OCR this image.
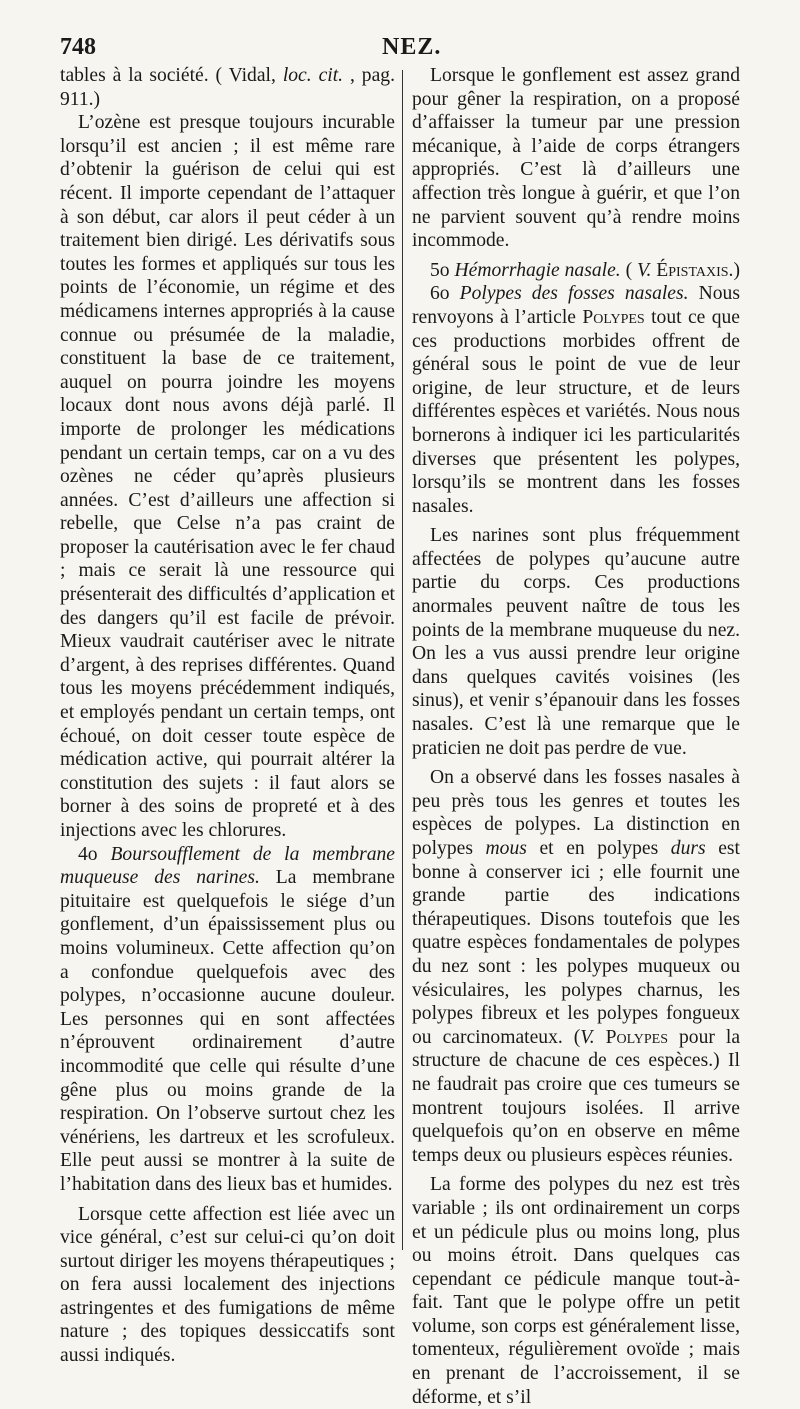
748	NEZ.

tables à la société. ( Vidal, loc. cit. , pag. 911.)

L’ozène est presque toujours incurable lorsqu’il est ancien ; il est même rare d’obtenir la guérison de celui qui est récent. Il importe cependant de l’attaquer à son début, car alors il peut céder à un traitement bien dirigé. Les dérivatifs sous toutes les formes et appliqués sur tous les points de l’économie, un régime et des médicamens internes appropriés à la cause connue ou présumée de la maladie, constituent la base de ce traitement, auquel on pourra joindre les moyens locaux dont nous avons déjà parlé. Il importe de prolonger les médications pendant un certain temps, car on a vu des ozènes ne céder qu’après plusieurs années. C’est d’ailleurs une affection si rebelle, que Celse n’a pas craint de proposer la cautérisation avec le fer chaud ; mais ce serait là une ressource qui présenterait des difficultés d’application et des dangers qu’il est facile de prévoir. Mieux vaudrait cautériser avec le nitrate d’argent, à des reprises différentes. Quand tous les moyens précédemment indiqués, et employés pendant un certain temps, ont échoué, on doit cesser toute espèce de médication active, qui pourrait altérer la constitution des sujets : il faut alors se borner à des soins de propreté et à des injections avec les chlorures.

4o Boursoufflement de la membrane muqueuse des narines. La membrane pituitaire est quelquefois le siége d’un gonflement, d’un épaississement plus ou moins volumineux. Cette affection qu’on a confondue quelquefois avec des polypes, n’occasionne aucune douleur. Les personnes qui en sont affectées n’éprouvent ordinairement d’autre incommodité que celle qui résulte d’une gêne plus ou moins grande de la respiration. On l’observe surtout chez les vénériens, les dartreux et les scrofuleux. Elle peut aussi se montrer à la suite de l’habitation dans des lieux bas et humides.

Lorsque cette affection est liée avec un vice général, c’est sur celui-ci qu’on doit surtout diriger les moyens thérapeutiques ; on fera aussi localement des injections astringentes et des fumigations de même nature ; des topiques dessiccatifs sont aussi indiqués.

Lorsque le gonflement est assez grand pour gêner la respiration, on a proposé d’affaisser la tumeur par une pression mécanique, à l’aide de corps étrangers appropriés. C’est là d’ailleurs une affection très longue à guérir, et que l’on ne parvient souvent qu’à rendre moins incommode.

5o Hémorrhagie nasale. ( V. Épistaxis.)

6o Polypes des fosses nasales. Nous renvoyons à l’article Polypes tout ce que ces productions morbides offrent de général sous le point de vue de leur origine, de leur structure, et de leurs différentes espèces et variétés. Nous nous bornerons à indiquer ici les particularités diverses que présentent les polypes, lorsqu’ils se montrent dans les fosses nasales.

Les narines sont plus fréquemment affectées de polypes qu’aucune autre partie du corps. Ces productions anormales peuvent naître de tous les points de la membrane muqueuse du nez. On les a vus aussi prendre leur origine dans quelques cavités voisines (les sinus), et venir s’épanouir dans les fosses nasales. C’est là une remarque que le praticien ne doit pas perdre de vue.

On a observé dans les fosses nasales à peu près tous les genres et toutes les espèces de polypes. La distinction en polypes mous et en polypes durs est bonne à conserver ici ; elle fournit une grande partie des indications thérapeutiques. Disons toutefois que les quatre espèces fondamentales de polypes du nez sont : les polypes muqueux ou vésiculaires, les polypes charnus, les polypes fibreux et les polypes fongueux ou carcinomateux. (V. Polypes pour la structure de chacune de ces espèces.) Il ne faudrait pas croire que ces tumeurs se montrent toujours isolées. Il arrive quelquefois qu’on en observe en même temps deux ou plusieurs espèces réunies.

La forme des polypes du nez est très variable ; ils ont ordinairement un corps et un pédicule plus ou moins long, plus ou moins étroit. Dans quelques cas cependant ce pédicule manque tout-à-fait. Tant que le polype offre un petit volume, son corps est généralement lisse, tomenteux, régulièrement ovoïde ; mais en prenant de l’accroissement, il se déforme, et s’il
